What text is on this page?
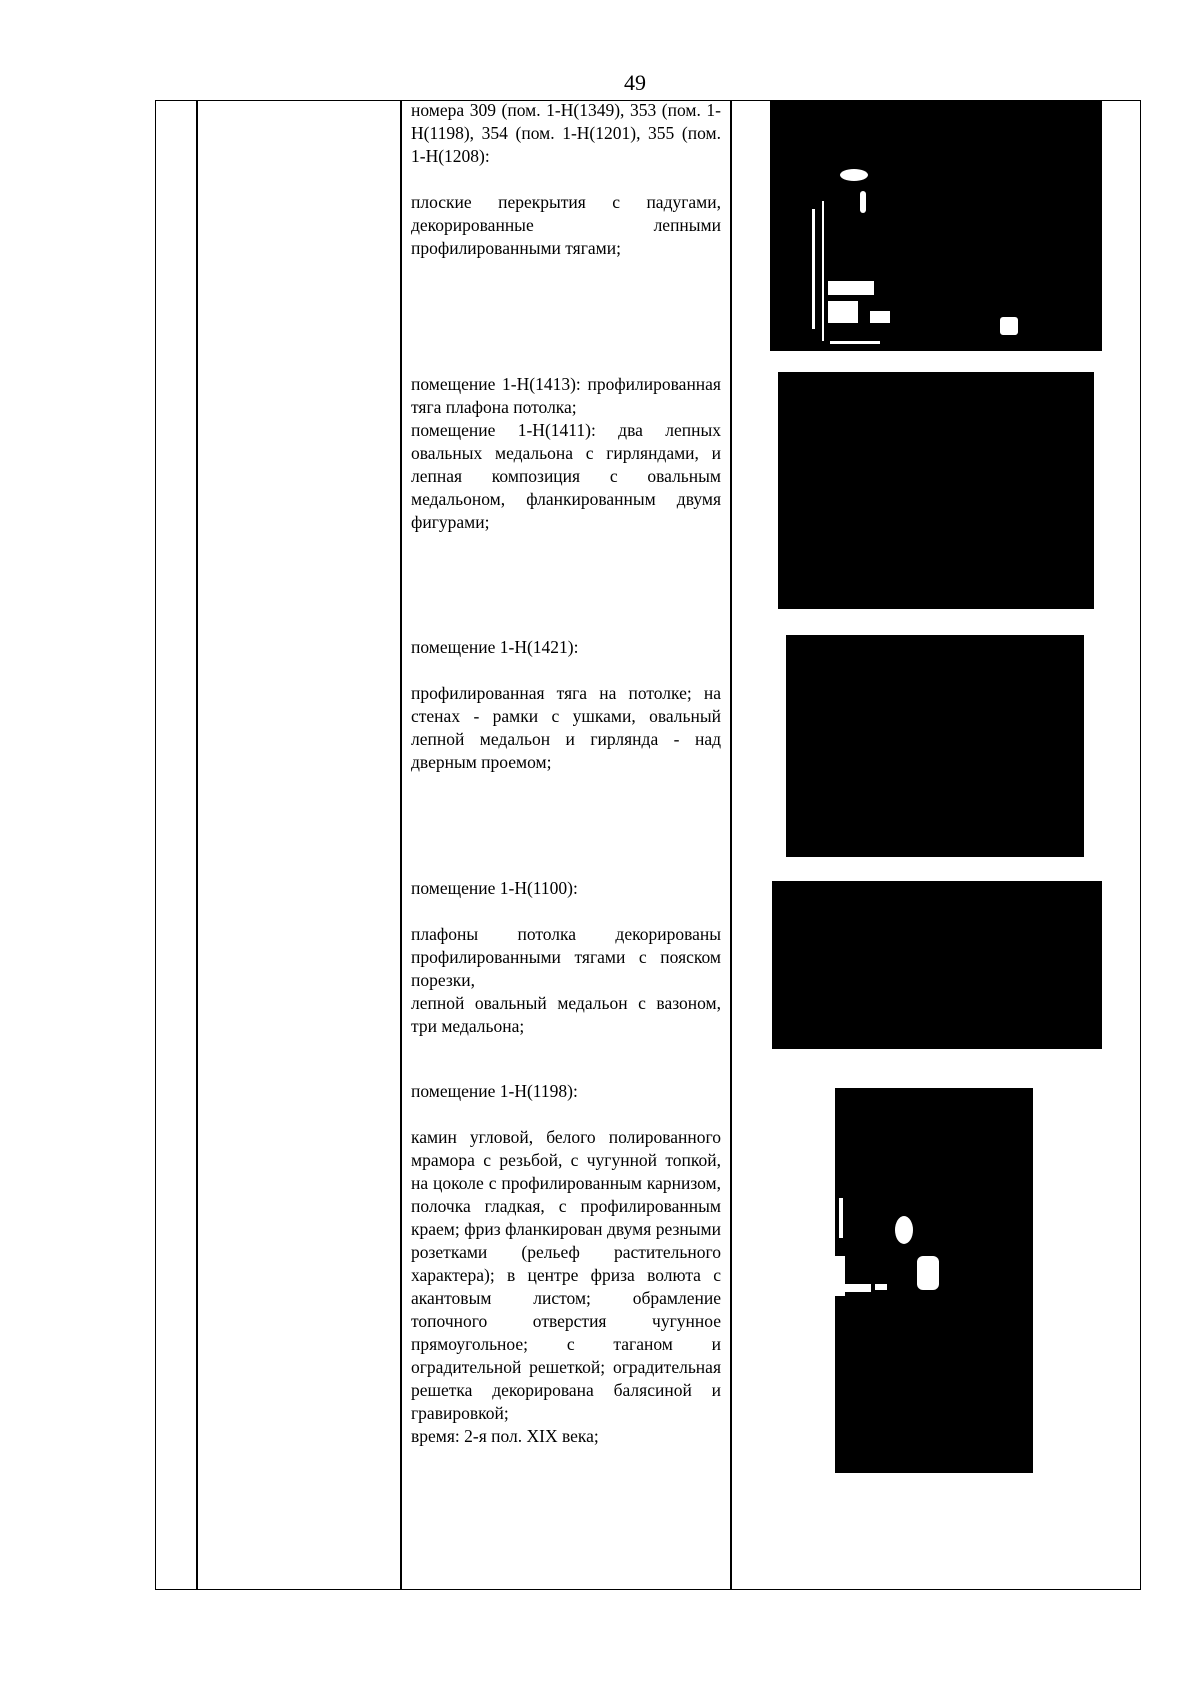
49

номера 309 (пом. 1-Н(1349), 353 (пом. 1-Н(1198), 354 (пом. 1-Н(1201), 355 (пом. 1-Н(1208):

плоские перекрытия с падугами, декорированные лепными профилированными тягами;

помещение 1-Н(1413): профилированная тяга плафона потолка;

помещение 1-Н(1411): два лепных овальных медальона с гирляндами, и лепная композиция с овальным медальоном, фланкированным двумя фигурами;

помещение 1-Н(1421):

профилированная тяга на потолке; на стенах - рамки с ушками, овальный лепной медальон и гирлянда - над дверным проемом;

помещение 1-Н(1100):

плафоны потолка декорированы профилированными тягами с пояском порезки,

лепной овальный медальон с вазоном, три медальона;

помещение 1-Н(1198):

камин угловой, белого полированного мрамора с резьбой, с чугунной топкой, на цоколе с профилированным карнизом, полочка гладкая, с профилированным краем; фриз фланкирован двумя резными розетками (рельеф растительного характера); в центре фриза волюта с акантовым листом; обрамление топочного отверстия чугунное прямоугольное; с таганом и оградительной решеткой; оградительная решетка декорирована балясиной и гравировкой;

время: 2-я пол. XIX века;
